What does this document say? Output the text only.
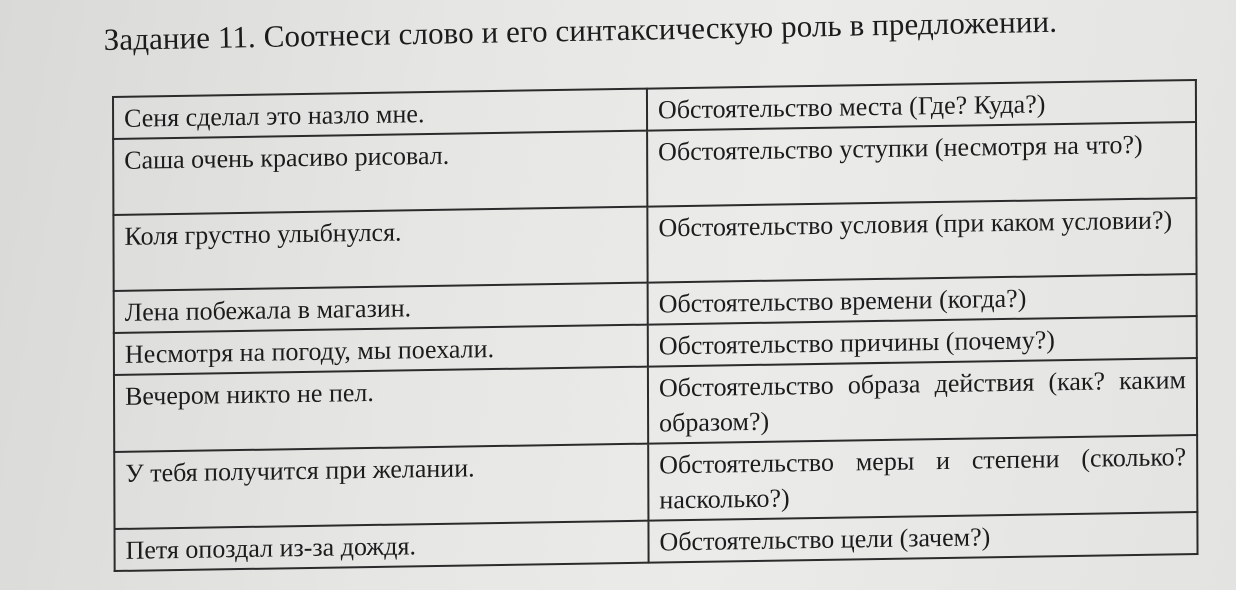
Задание 11. Соотнеси слово и его синтаксическую роль в предложении.
Сеня сделал это назло мне.	Обстоятельство места (Где? Куда?)
Саша очень красиво рисовал.	Обстоятельство уступки (несмотря на что?)
Коля грустно улыбнулся.	Обстоятельство условия (при каком условии?)
Лена побежала в магазин.	Обстоятельство времени (когда?)
Несмотря на погоду, мы поехали.	Обстоятельство причины (почему?)
Вечером никто не пел.	Обстоятельство образа действия (как? каким образом?)
У тебя получится при желании.	Обстоятельство меры и степени (сколько? насколько?)
Петя опоздал из-за дождя.	Обстоятельство цели (зачем?)
